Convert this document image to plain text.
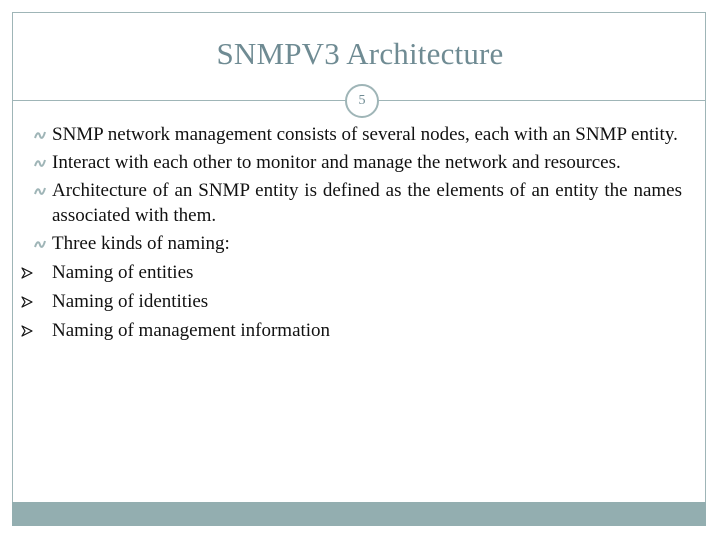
SNMPV3 Architecture
5
SNMP network management consists of several nodes, each with an SNMP entity.
Interact with each other to monitor and manage the network and resources.
Architecture of an SNMP entity is defined as the elements of an entity the names associated with them.
Three kinds of naming:
Naming of entities
Naming of identities
Naming of management information
